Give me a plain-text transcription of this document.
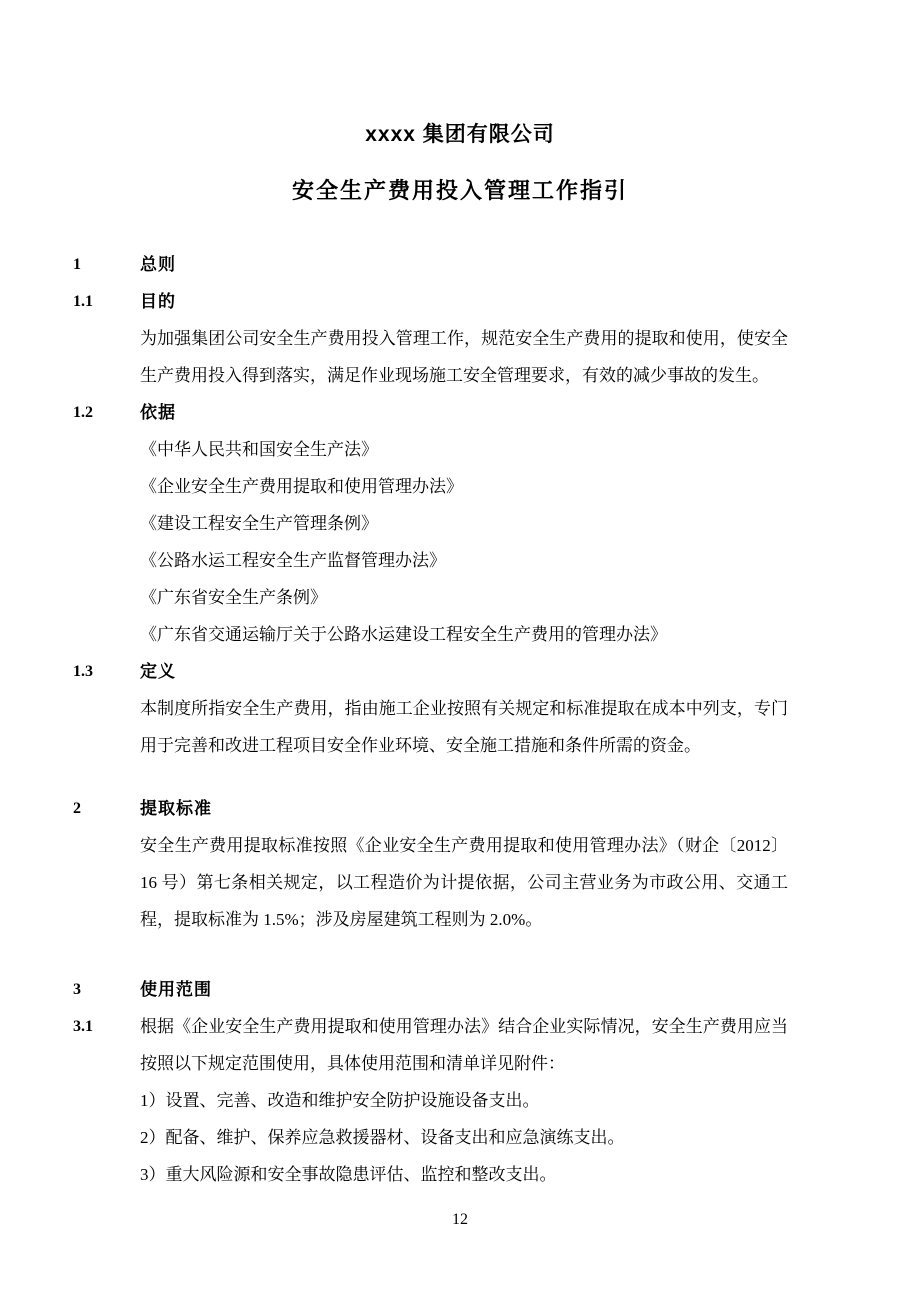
xxxx 集团有限公司
安全生产费用投入管理工作指引
1	总则
1.1	目的

为加强集团公司安全生产费用投入管理工作，规范安全生产费用的提取和使用，使安全生产费用投入得到落实，满足作业现场施工安全管理要求，有效的减少事故的发生。

1.2	依据
《中华人民共和国安全生产法》
《企业安全生产费用提取和使用管理办法》
《建设工程安全生产管理条例》
《公路水运工程安全生产监督管理办法》
《广东省安全生产条例》
《广东省交通运输厅关于公路水运建设工程安全生产费用的管理办法》
1.3	定义

本制度所指安全生产费用，指由施工企业按照有关规定和标准提取在成本中列支，专门用于完善和改进工程项目安全作业环境、安全施工措施和条件所需的资金。

2	提取标准

安全生产费用提取标准按照《企业安全生产费用提取和使用管理办法》（财企〔2012〕16 号）第七条相关规定，以工程造价为计提依据，公司主营业务为市政公用、交通工程，提取标准为 1.5%；涉及房屋建筑工程则为 2.0%。

3	使用范围
3.1	根据《企业安全生产费用提取和使用管理办法》结合企业实际情况，安全生产费用应当按照以下规定范围使用，具体使用范围和清单详见附件：

1）设置、完善、改造和维护安全防护设施设备支出。
2）配备、维护、保养应急救援器材、设备支出和应急演练支出。
3）重大风险源和安全事故隐患评估、监控和整改支出。
12
